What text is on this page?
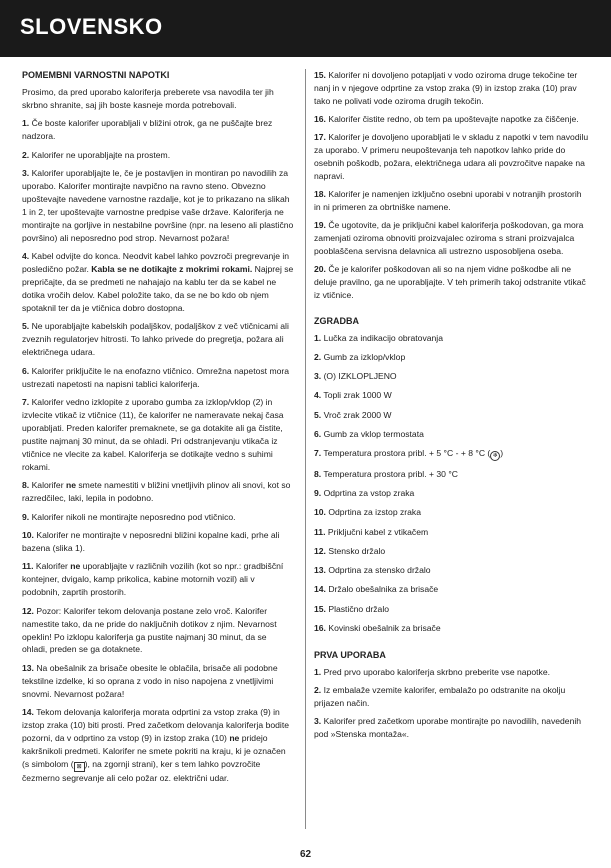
SLOVENSKO
POMEMBNI VARNOSTNI NAPOTKI

Prosimo, da pred uporabo kaloriferja preberete vsa navodila ter jih skrbno shranite, saj jih boste kasneje morda potrebovali.

1. Če boste kalorifer uporabljali v bližini otrok, ga ne puščajte brez nadzora.

2. Kalorifer ne uporabljajte na prostem.

3. Kalorifer uporabljajte le, če je postavljen in montiran po navodilih za uporabo. Kalorifer montirajte navpično na ravno steno. Obvezno upoštevajte navedene varnostne razdalje, kot je to prikazano na slikah 1 in 2, ter upoštevajte varnostne predpise vaše države. Kaloriferja ne montirajte na gorljive in nestabilne površine (npr. na leseno ali plastično površino) ali neposredno pod strop. Nevarnost požara!

4. Kabel odvijte do konca. Neodvit kabel lahko povzroči pregrevanje in posledično požar. Kabla se ne dotikajte z mokrimi rokami. Najprej se prepričajte, da se predmeti ne nahajajo na kablu ter da se kabel ne dotika vročih delov. Kabel položite tako, da se ne bo kdo ob njem spotaknil ter da je vtičnica dobro dostopna.

5. Ne uporabljajte kabelskih podaljškov, podaljškov z več vtičnicami ali zveznih regulatorjev hitrosti. To lahko privede do pregretja, požara ali električnega udara.

6. Kalorifer priključite le na enofazno vtičnico. Omrežna napetost mora ustrezati napetosti na napisni tablici kaloriferja.

7. Kalorifer vedno izklopite z uporabo gumba za izklop/vklop (2) in izvlecite vtikač iz vtičnice (11), če kalorifer ne nameravate nekaj časa uporabljati. Preden kalorifer premaknete, se ga dotakite ali ga čistite, pustite najmanj 30 minut, da se ohladi. Pri odstranjevanju vtikača iz vtičnice ne vlecite za kabel. Kaloriferja se dotikajte vedno s suhimi rokami.

8. Kalorifer ne smete namestiti v bližini vnetljivih plinov ali snovi, kot so razredčilec, laki, lepila in podobno.

9. Kalorifer nikoli ne montirajte neposredno pod vtičnico.

10. Kalorifer ne montirajte v neposredni bližini kopalne kadi, prhe ali bazena (slika 1).

11. Kalorifer ne uporabljajte v različnih vozilih (kot so npr.: gradbišční kontejner, dvigalo, kamp prikolica, kabine motornih vozil) ali v podobnih, zaprtih prostorih.

12. Pozor: Kalorifer tekom delovanja postane zelo vroč. Kalorifer namestite tako, da ne pride do naključnih dotikov z njim. Nevarnost opeklin! Po izklopu kaloriferja ga pustite najmanj 30 minut, da se ohladi, preden se ga dotaknete.

13. Na obešalnik za brisače obesite le oblačila, brisače ali podobne tekstilne izdelke, ki so oprana z vodo in niso napojena z vnetljivimi snovmi. Nevarnost požara!

14. Tekom delovanja kaloriferja morata odprtini za vstop zraka (9) in izstop zraka (10) biti prosti. Pred začetkom delovanja kaloriferja bodite pozorni, da v odprtino za vstop (9) in izstop zraka (10) ne pridejo kakršnikoli predmeti. Kalorifer ne smete pokriti na kraju, ki je označen (s simbolom ( ⊠ ), na zgornji strani), ker s tem lahko povzročite čezmerno segrevanje ali celo požar oz. električni udar.

15. Kalorifer ni dovoljeno potapljati v vodo oziroma druge tekočine ter nanj in v njegove odprtine za vstop zraka (9) in izstop zraka (10) prav tako ne polivati vode oziroma drugih tekočin.

16. Kalorifer čistite redno, ob tem pa upoštevajte napotke za čiščenje.

17. Kalorifer je dovoljeno uporabljati le v skladu z napotki v tem navodilu za uporabo. V primeru neupoštevanja teh napotkov lahko pride do osebnih poškodb, požara, električnega udara ali povzročitve napake na napravi.

18. Kalorifer je namenjen izključno osebni uporabi v notranjih prostorih in ni primeren za obrtniške namene.

19. Če ugotovite, da je priključni kabel kaloriferja poškodovan, ga mora zamenjati oziroma obnoviti proizvajalec oziroma s strani proizvajalca pooblaščena servisna delavnica ali ustrezno usposobljena oseba.

20. Če je kalorifer poškodovan ali so na njem vidne poškodbe ali ne deluje pravilno, ga ne uporabljajte. V teh primerih takoj odstranite vtikač iz vtičnice.

ZGRADBA
1. Lučka za indikacijo obratovanja
2. Gumb za izklop/vklop
3. (O) IZKLOPLJENO
4. Topli zrak 1000 W
5. Vroč zrak 2000 W
6. Gumb za vklop termostata
7. Temperatura prostora pribl. + 5 °C - + 8 °C ( ❄ )
8. Temperatura prostora pribl. + 30 °C
9. Odprtina za vstop zraka
10. Odprtina za izstop zraka
11. Priključni kabel z vtikačem
12. Stensko držalo
13. Odprtina za stensko držalo
14. Držalo obešalnika za brisače
15. Plastično držalo
16. Kovinski obešalnik za brisače
PRVA UPORABA

1. Pred prvo uporabo kaloriferja skrbno preberite vse napotke.

2. Iz embalaže vzemite kalorifer, embalažo po odstranite na okolju prijazen način.

3. Kalorifer pred začetkom uporabe montirajte po navodilih, navedenih pod »Stenska montaža«.

62
